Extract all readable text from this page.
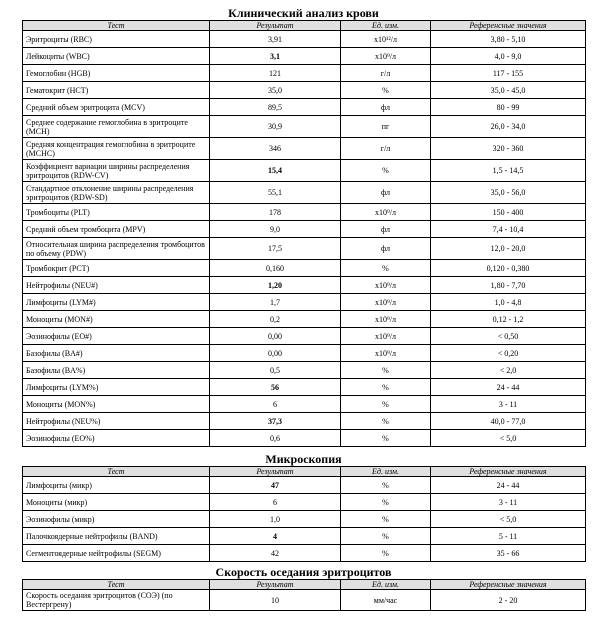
Клинический анализ крови
Тест	Результат	Ед. изм.	Референсные значения
Эритроциты (RBC)	3,91	x10¹²/л	3,80 - 5,10
Лейкоциты (WBC)	3,1	x10⁹/л	4,0 - 9,0
Гемоглобин (HGB)	121	г/л	117 - 155
Гематокрит (HCT)	35,0	%	35,0 - 45,0
Средний объем эритроцита (MCV)	89,5	фл	80 - 99
Среднее содержание гемоглобина в эритроците (MCH)	30,9	пг	26,0 - 34,0
Средняя концентрация гемоглобина в эритроците (MCHC)	346	г/л	320 - 360
Коэффициент вариации ширины распределения эритроцитов (RDW-CV)	15,4	%	1,5 - 14,5
Стандартное отклонение ширины распределения эритроцитов (RDW-SD)	55,1	фл	35,0 - 56,0
Тромбоциты (PLT)	178	x10⁹/л	150 - 400
Средний объем тромбоцита (MPV)	9,0	фл	7,4 - 10,4
Относительная ширина распределения тромбоцитов по объему (PDW)	17,5	фл	12,0 - 20,0
Тромбокрит (PCT)	0,160	%	0,120 - 0,380
Нейтрофилы (NEU#)	1,20	x10⁹/л	1,80 - 7,70
Лимфоциты (LYM#)	1,7	x10⁹/л	1,0 - 4,8
Моноциты (MON#)	0,2	x10⁹/л	0,12 - 1,2
Эозинофилы (EO#)	0,00	x10⁹/л	< 0,50
Базофилы (BA#)	0,00	x10⁹/л	< 0,20
Базофилы (BA%)	0,5	%	< 2,0
Лимфоциты (LYM%)	56	%	24 - 44
Моноциты (MON%)	6	%	3 - 11
Нейтрофилы (NEU%)	37,3	%	40,0 - 77,0
Эозинофилы (EO%)	0,6	%	< 5,0
Микроскопия
Тест	Результат	Ед. изм.	Референсные значения
Лимфоциты (микр)	47	%	24 - 44
Моноциты (микр)	6	%	3 - 11
Эозинофилы (микр)	1,0	%	< 5,0
Палочкоядерные нейтрофилы (BAND)	4	%	5 - 11
Сегментоядерные нейтрофилы (SEGM)	42	%	35 - 66
Скорость оседания эритроцитов
Тест	Результат	Ед. изм.	Референсные значения
Скорость оседания эритроцитов (СОЭ) (по Вестергрену)	10	мм/час	2 - 20
